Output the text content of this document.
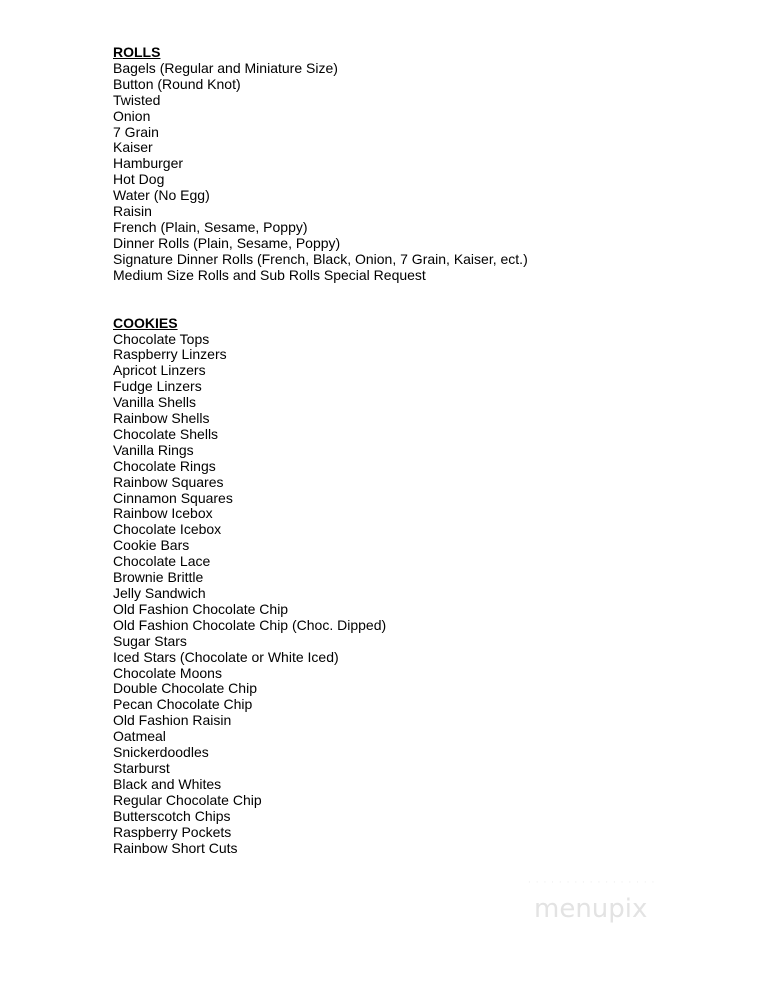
ROLLS
Bagels (Regular and Miniature Size)
Button (Round Knot)
Twisted
Onion
7 Grain
Kaiser
Hamburger
Hot Dog
Water (No Egg)
Raisin
French (Plain, Sesame, Poppy)
Dinner Rolls (Plain, Sesame, Poppy)
Signature Dinner Rolls (French, Black, Onion, 7 Grain, Kaiser, ect.)
Medium Size Rolls and Sub Rolls Special Request
COOKIES
Chocolate Tops
Raspberry Linzers
Apricot Linzers
Fudge Linzers
Vanilla Shells
Rainbow Shells
Chocolate Shells
Vanilla Rings
Chocolate Rings
Rainbow Squares
Cinnamon Squares
Rainbow Icebox
Chocolate Icebox
Cookie Bars
Chocolate Lace
Brownie Brittle
Jelly Sandwich
Old Fashion Chocolate Chip
Old Fashion Chocolate Chip (Choc. Dipped)
Sugar Stars
Iced Stars (Chocolate or White Iced)
Chocolate Moons
Double Chocolate Chip
Pecan Chocolate Chip
Old Fashion Raisin
Oatmeal
Snickerdoodles
Starburst
Black and Whites
Regular Chocolate Chip
Butterscotch Chips
Raspberry Pockets
Rainbow Short Cuts
· · · · · · · · · · · · · · · · ·
menupix
